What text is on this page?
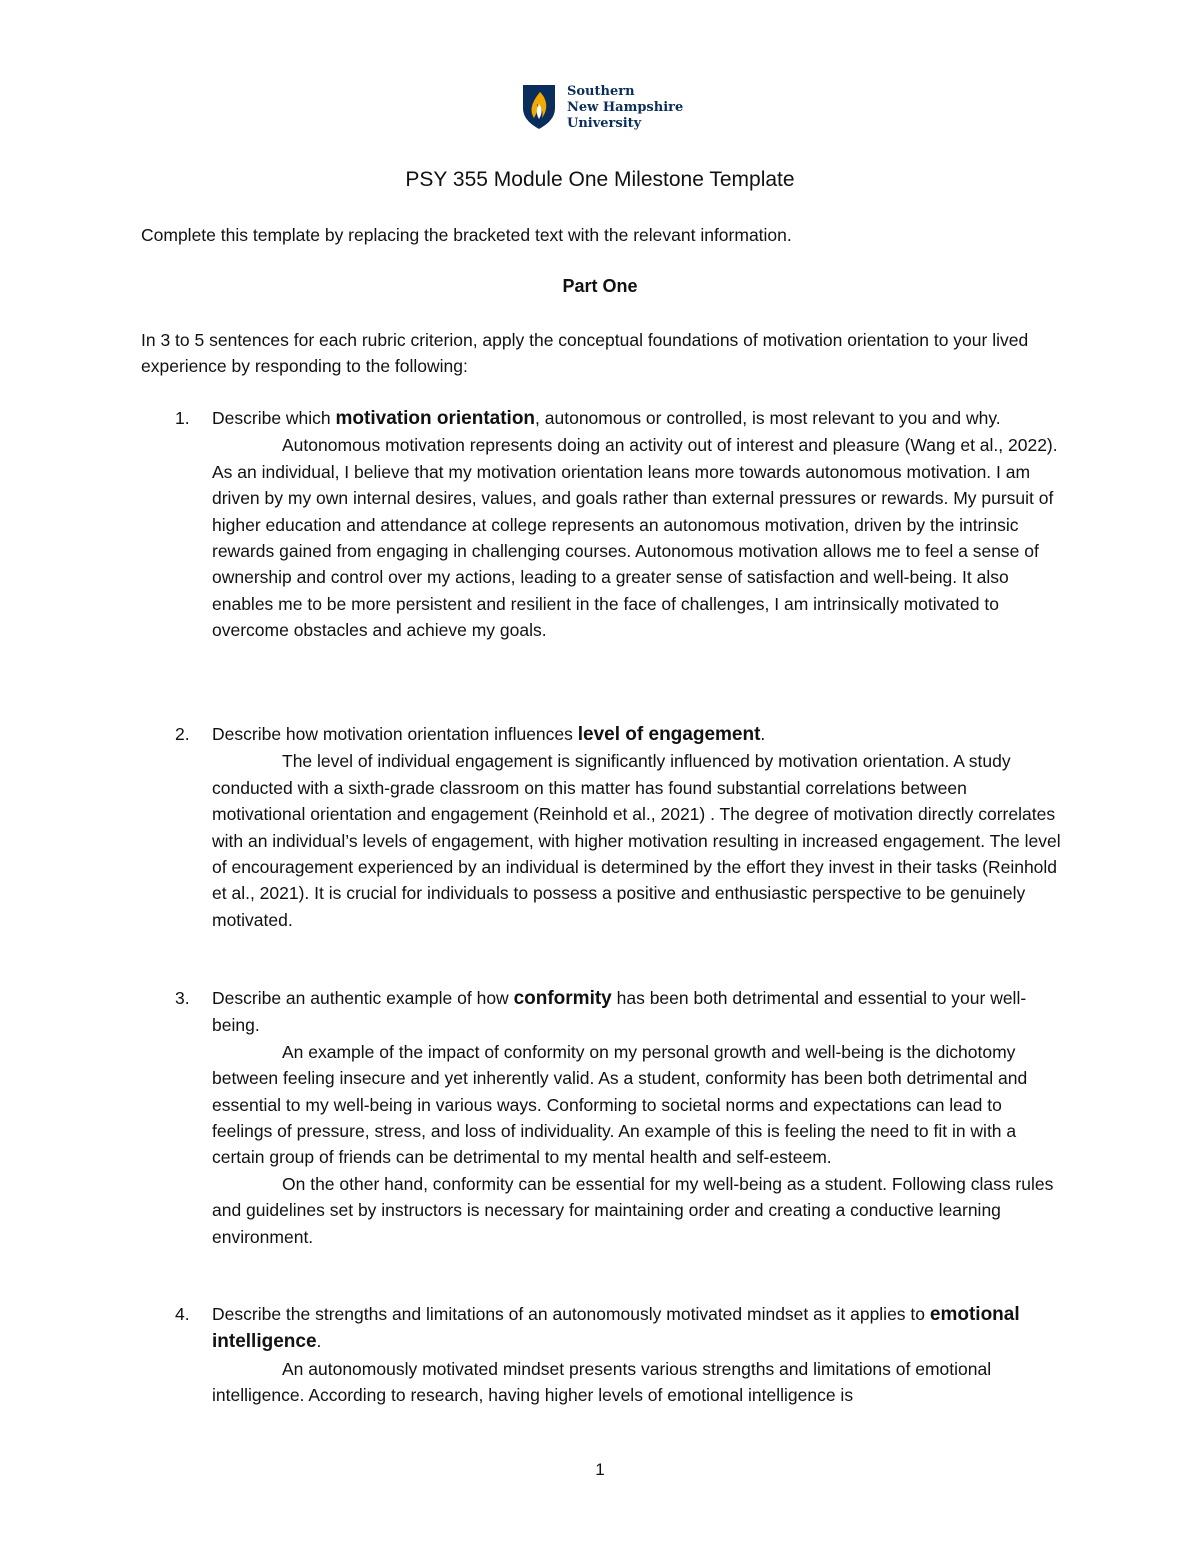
Southern
New Hampshire
University
PSY 355 Module One Milestone Template
Complete this template by replacing the bracketed text with the relevant information.
Part One
In 3 to 5 sentences for each rubric criterion, apply the conceptual foundations of motivation orientation to your lived experience by responding to the following:
1. Describe which motivation orientation, autonomous or controlled, is most relevant to you and why.

Autonomous motivation represents doing an activity out of interest and pleasure (Wang et al., 2022). As an individual, I believe that my motivation orientation leans more towards autonomous motivation. I am driven by my own internal desires, values, and goals rather than external pressures or rewards. My pursuit of higher education and attendance at college represents an autonomous motivation, driven by the intrinsic rewards gained from engaging in challenging courses. Autonomous motivation allows me to feel a sense of ownership and control over my actions, leading to a greater sense of satisfaction and well-being. It also enables me to be more persistent and resilient in the face of challenges, I am intrinsically motivated to overcome obstacles and achieve my goals.

2. Describe how motivation orientation influences level of engagement.

The level of individual engagement is significantly influenced by motivation orientation. A study conducted with a sixth-grade classroom on this matter has found substantial correlations between motivational orientation and engagement (Reinhold et al., 2021) . The degree of motivation directly correlates with an individual’s levels of engagement, with higher motivation resulting in increased engagement. The level of encouragement experienced by an individual is determined by the effort they invest in their tasks (Reinhold et al., 2021). It is crucial for individuals to possess a positive and enthusiastic perspective to be genuinely motivated.

3. Describe an authentic example of how conformity has been both detrimental and essential to your well-being.

An example of the impact of conformity on my personal growth and well-being is the dichotomy between feeling insecure and yet inherently valid. As a student, conformity has been both detrimental and essential to my well-being in various ways. Conforming to societal norms and expectations can lead to feelings of pressure, stress, and loss of individuality. An example of this is feeling the need to fit in with a certain group of friends can be detrimental to my mental health and self-esteem.

On the other hand, conformity can be essential for my well-being as a student. Following class rules and guidelines set by instructors is necessary for maintaining order and creating a conductive learning environment.

4. Describe the strengths and limitations of an autonomously motivated mindset as it applies to emotional intelligence.

An autonomously motivated mindset presents various strengths and limitations of emotional intelligence. According to research, having higher levels of emotional intelligence is

1
